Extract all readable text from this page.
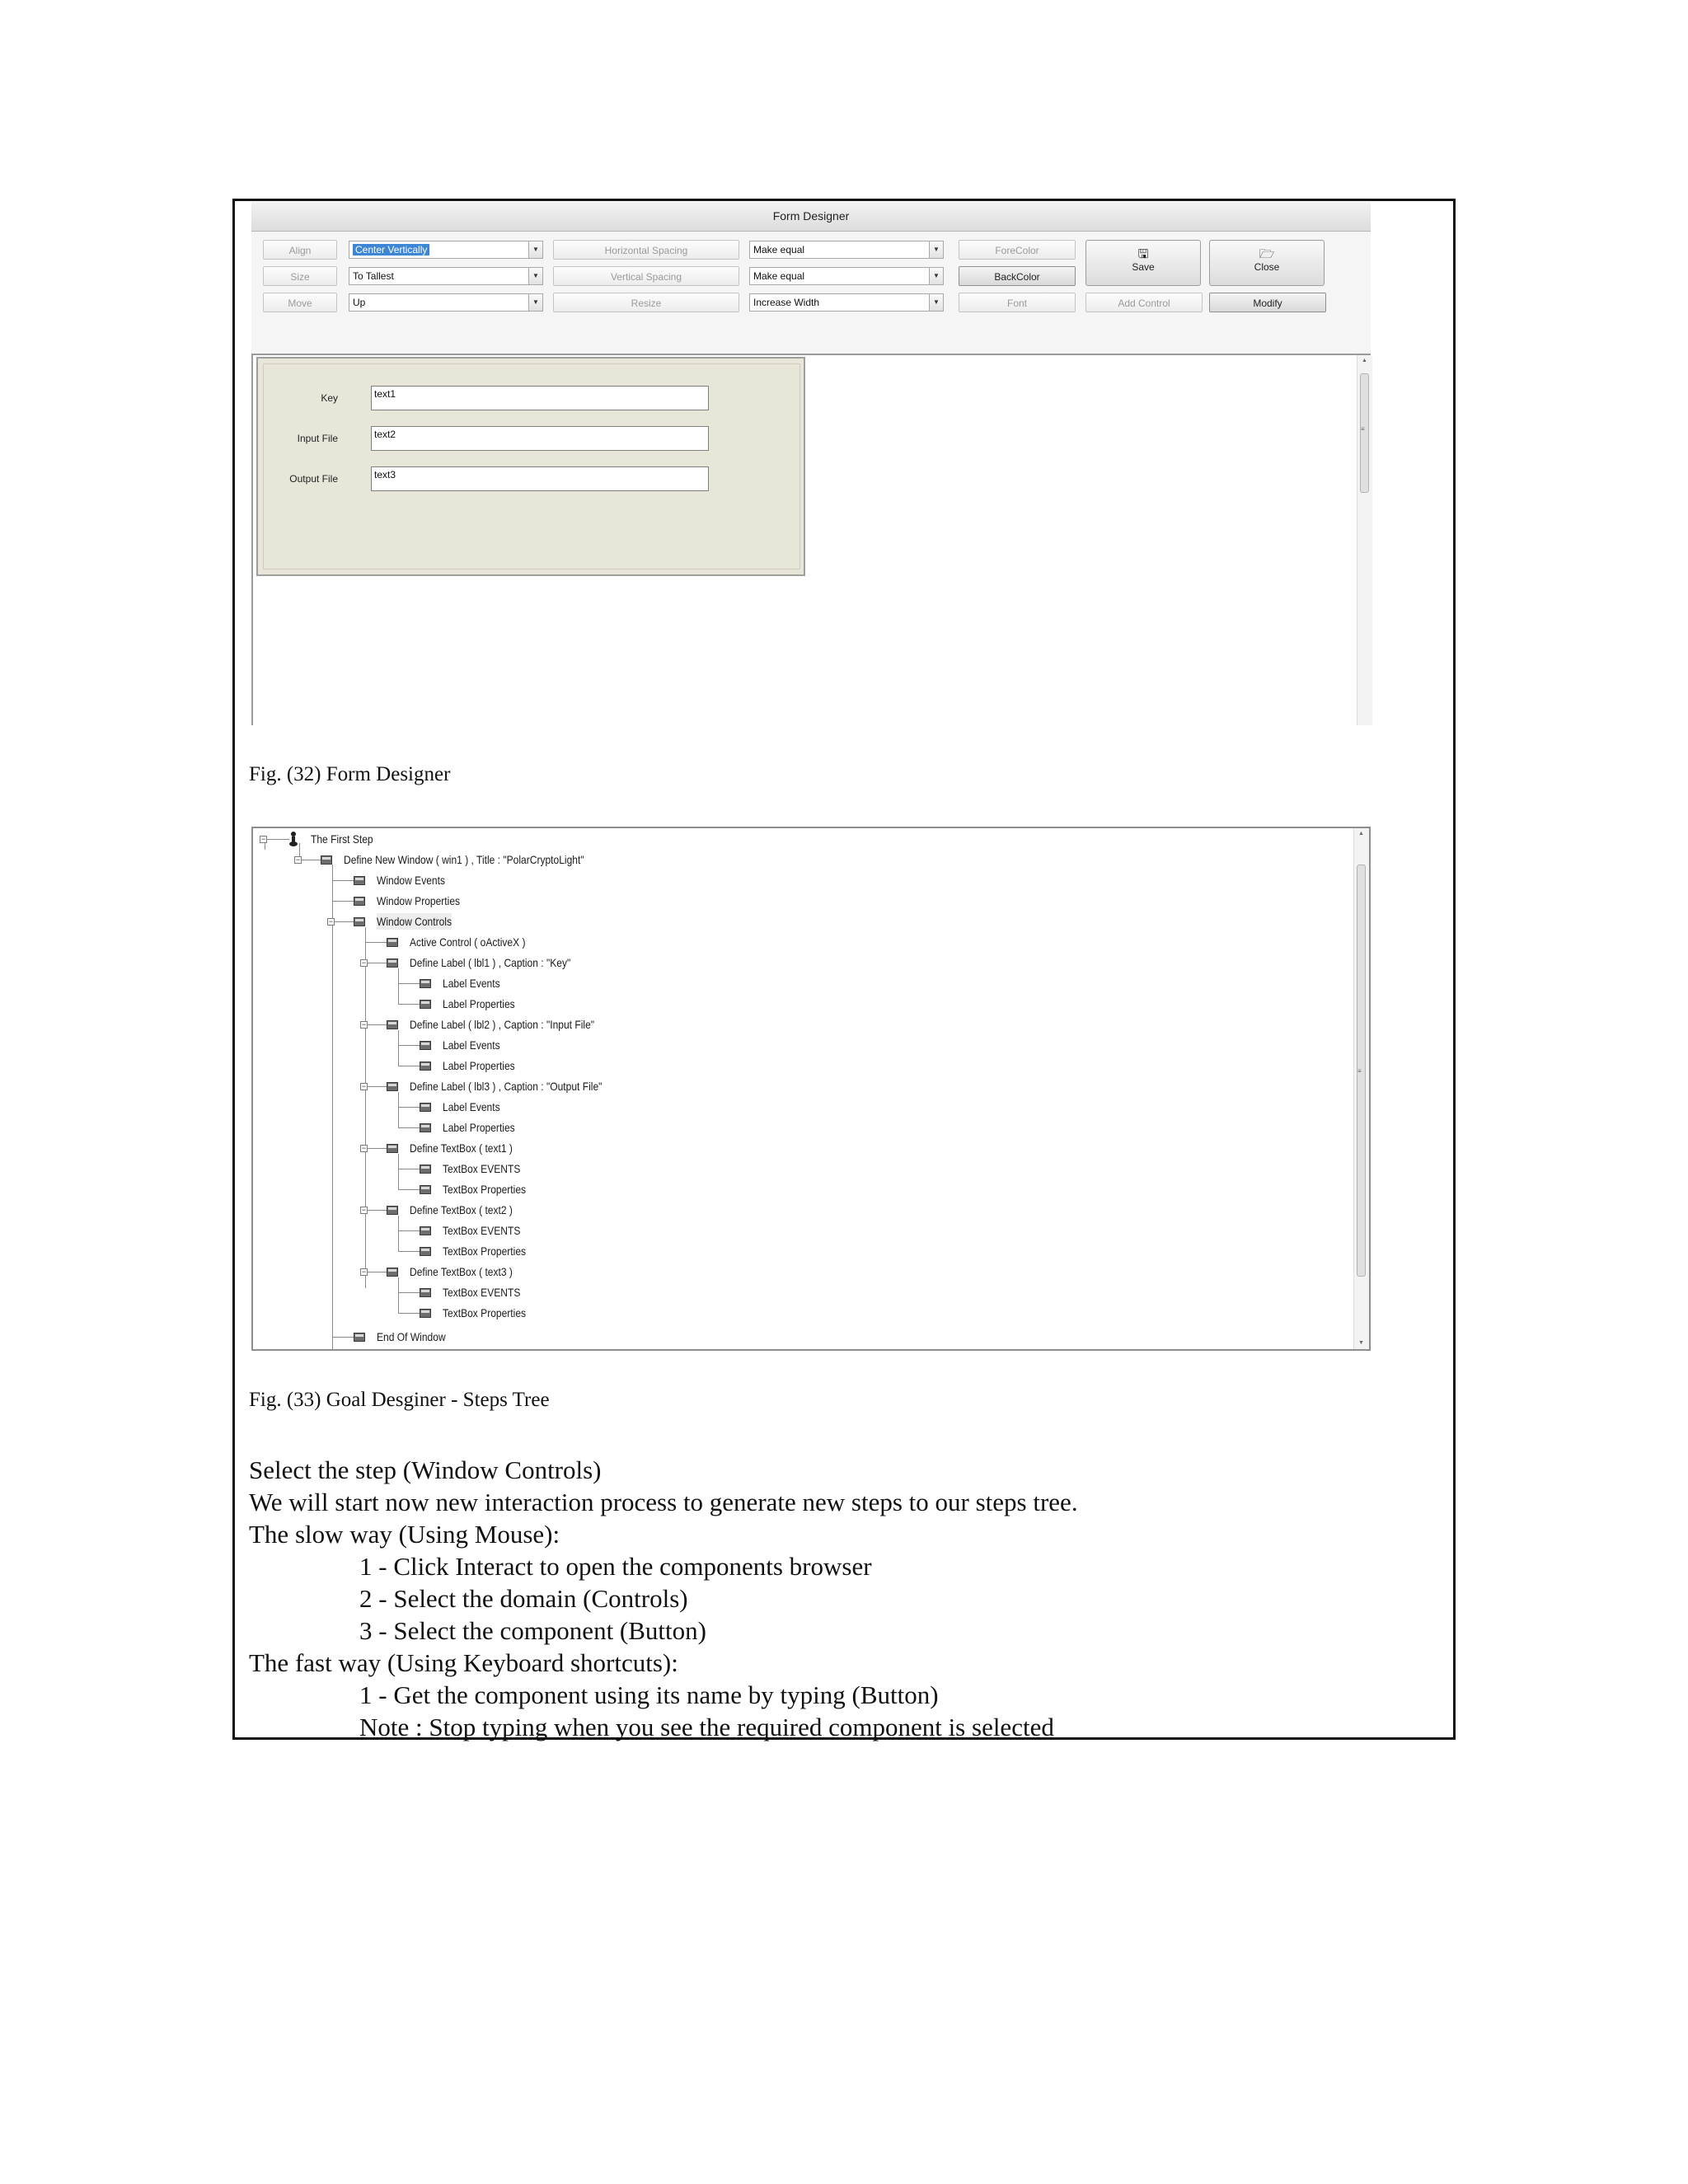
Form Designer
Align
Size
Move
Center Vertically	▼
To Tallest	▼
Up	▼
Horizontal Spacing
Vertical Spacing
Resize
Make equal	▼
Make equal	▼
Increase Width	▼
ForeColor
BackColor
Font
🖫
Save
🗁
Close
Add Control	Modify
Key	text1
Input File	text2
Output File	text3
▲
≡
Fig. (32) Form Designer
−
−
−
−
−
−
−
−
−
The First Step
Define New Window ( win1 ) , Title : "PolarCryptoLight"
Window Events
Window Properties
Window Controls
Active Control ( oActiveX )
Define Label ( lbl1 ) , Caption : "Key"
Label Events
Label Properties
Define Label ( lbl2 ) , Caption : "Input File"
Label Events
Label Properties
Define Label ( lbl3 ) , Caption : "Output File"
Label Events
Label Properties
Define TextBox ( text1 )
TextBox EVENTS
TextBox Properties
Define TextBox ( text2 )
TextBox EVENTS
TextBox Properties
Define TextBox ( text3 )
TextBox EVENTS
TextBox Properties
End Of Window
▲
≡
▼
Fig. (33) Goal Desginer - Steps Tree
Select the step (Window Controls)
We will start now new interaction process to generate new steps to our steps tree.
The slow way (Using Mouse):
1 - Click Interact to open the components browser
2 - Select the domain (Controls)
3 - Select the component (Button)
The fast way (Using Keyboard shortcuts):
1 - Get the component using its name by typing (Button)
Note : Stop typing when you see the required component is selected
